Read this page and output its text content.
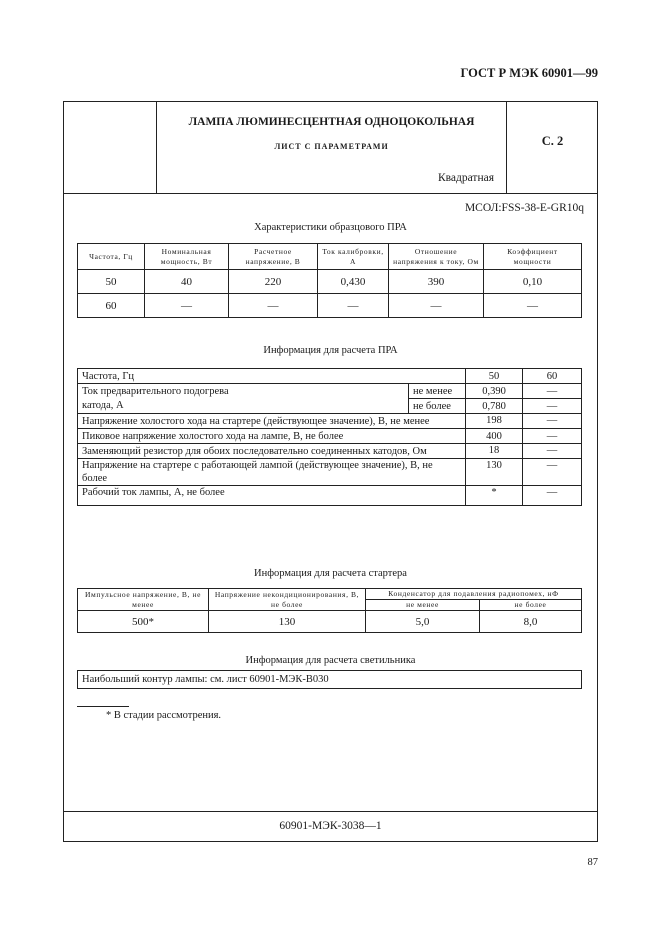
ГОСТ Р МЭК 60901—99
ЛАМПА ЛЮМИНЕСЦЕНТНАЯ ОДНОЦОКОЛЬНАЯ
ЛИСТ С ПАРАМЕТРАМИ
Квадратная
С. 2
МСОЛ:FSS-38-E-GR10q
Характеристики образцового ПРА
Частота, Гц	Номинальная мощность, Вт	Расчетное напряжение, В	Ток калибровки, А	Отношение напряжения к току, Ом	Коэффициент мощности
50	40	220	0,430	390	0,10
60	—	—	—	—	—
Информация для расчета ПРА
Частота, Гц		50	60
Ток предварительного подогрева	не менее	0,390	—
катода, А	не более	0,780	—
Напряжение холостого хода на стартере (действующее значение), В, не менее		198	—
Пиковое напряжение холостого хода на лампе, В, не более		400	—
Заменяющий резистор для обоих последовательно соединенных катодов, Ом		18	—
Напряжение на стартере с работающей лампой (действующее значение), В, не более		130	—
Рабочий ток лампы, А, не более		*	—
Информация для расчета стартера
Импульсное напряжение, В, не менее	Напряжение некондиционирования, В, не более	Конденсатор для подавления радиопомех, нФ	
		не менее	не более
500*	130	5,0	8,0
Информация для расчета светильника
Наибольший контур лампы: см. лист 60901-МЭК-В030
* В стадии рассмотрения.
60901-МЭК-3038—1
87
